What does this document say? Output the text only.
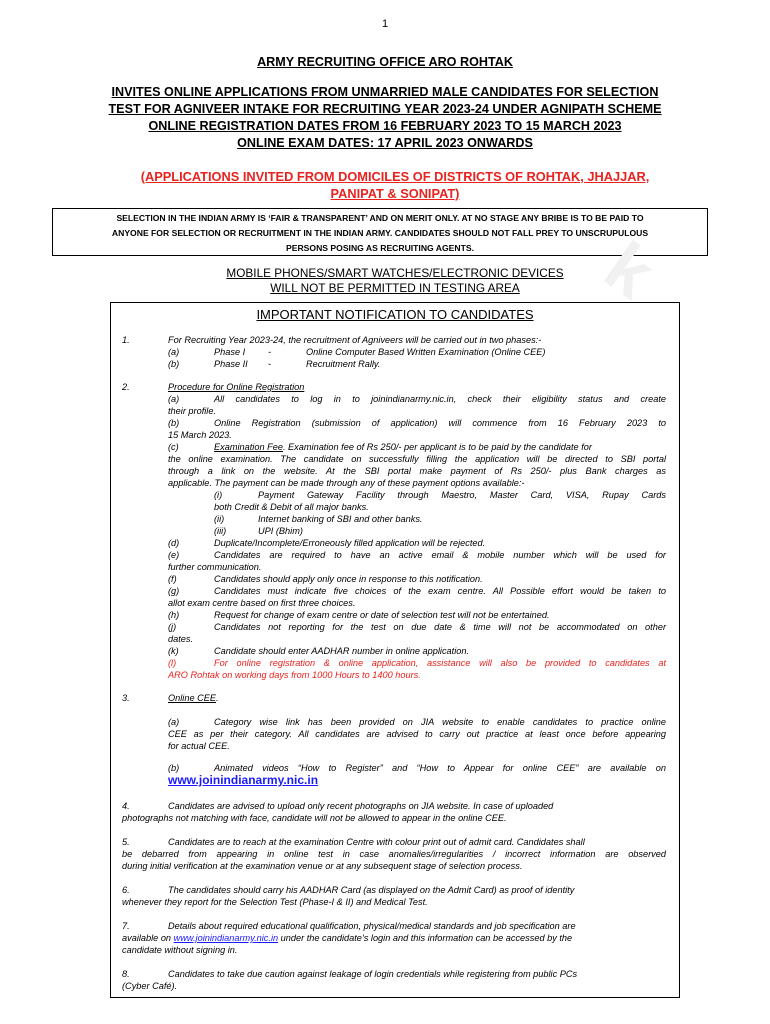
1
ARMY RECRUITING OFFICE ARO ROHTAK
INVITES ONLINE APPLICATIONS FROM UNMARRIED MALE CANDIDATES FOR SELECTION
TEST FOR AGNIVEER INTAKE FOR RECRUITING YEAR 2023-24 UNDER AGNIPATH SCHEME
ONLINE REGISTRATION DATES FROM 16 FEBRUARY 2023 TO 15 MARCH 2023
ONLINE EXAM DATES: 17 APRIL 2023 ONWARDS
(APPLICATIONS INVITED FROM DOMICILES OF DISTRICTS OF ROHTAK, JHAJJAR,
PANIPAT & SONIPAT)
SELECTION IN THE INDIAN ARMY IS ‘FAIR & TRANSPARENT’ AND ON MERIT ONLY. AT NO STAGE ANY BRIBE IS TO BE PAID TO
ANYONE FOR SELECTION OR RECRUITMENT IN THE INDIAN ARMY. CANDIDATES SHOULD NOT FALL PREY TO UNSCRUPULOUS
PERSONS POSING AS RECRUITING AGENTS.
MOBILE PHONES/SMART WATCHES/ELECTRONIC DEVICES
WILL NOT BE PERMITTED IN TESTING AREA	k
IMPORTANT NOTIFICATION TO CANDIDATES
1.	For Recruiting Year 2023-24, the recruitment of Agniveers will be carried out in two phases:-
(a)	Phase I -	Online Computer Based Written Examination (Online CEE)
(b)	Phase II -	Recruitment Rally.
2.	Procedure for Online Registration
(a)	All candidates to log in to joinindianarmy.nic.in, check their eligibility status and create
their profile.
(b)	Online Registration (submission of application) will commence from 16 February 2023 to
15 March 2023.
(c)	Examination Fee. Examination fee of Rs 250/- per applicant is to be paid by the candidate for
the online examination. The candidate on successfully filling the application will be directed to SBI portal
through a link on the website. At the SBI portal make payment of Rs 250/- plus Bank charges as
applicable. The payment can be made through any of these payment options available:-
(i)	Payment Gateway Facility through Maestro, Master Card, VISA, Rupay Cards
both Credit & Debit of all major banks.
(ii)	Internet banking of SBI and other banks.
(iii)	UPI (Bhim)
(d)	Duplicate/Incomplete/Erroneously filled application will be rejected.
(e)	Candidates are required to have an active email & mobile number which will be used for
further communication.
(f)	Candidates should apply only once in response to this notification.
(g)	Candidates must indicate five choices of the exam centre. All Possible effort would be taken to
allot exam centre based on first three choices.
(h)	Request for change of exam centre or date of selection test will not be entertained.
(j)	Candidates not reporting for the test on due date & time will not be accommodated on other
dates.
(k)	Candidate should enter AADHAR number in online application.
(l)	For online registration & online application, assistance will also be provided to candidates at
ARO Rohtak on working days from 1000 Hours to 1400 hours.
3.	Online CEE.
(a)	Category wise link has been provided on JIA website to enable candidates to practice online
CEE as per their category. All candidates are advised to carry out practice at least once before appearing
for actual CEE.
(b)	Animated videos “How to Register” and “How to Appear for online CEE” are available on
www.joinindianarmy.nic.in
4.	Candidates are advised to upload only recent photographs on JIA website. In case of uploaded
photographs not matching with face, candidate will not be allowed to appear in the online CEE.
5.	Candidates are to reach at the examination Centre with colour print out of admit card. Candidates shall
be debarred from appearing in online test in case anomalies/irregularities / incorrect information are observed
during initial verification at the examination venue or at any subsequent stage of selection process.
6.	The candidates should carry his AADHAR Card (as displayed on the Admit Card) as proof of identity
whenever they report for the Selection Test (Phase-I & II) and Medical Test.
7.	Details about required educational qualification, physical/medical standards and job specification are
available on www.joinindianarmy.nic.in under the candidate’s login and this information can be accessed by the
candidate without signing in.
8.	Candidates to take due caution against leakage of login credentials while registering from public PCs
(Cyber Café).
